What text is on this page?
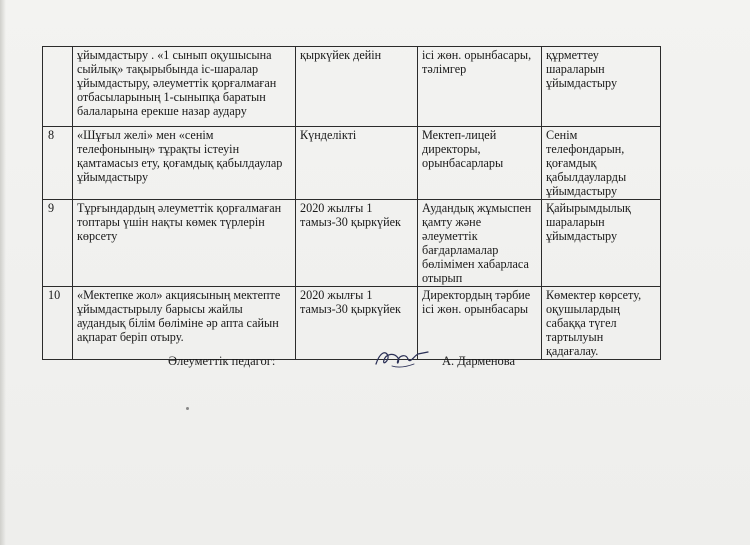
	ұйымдастыру . «1 сынып оқушысына сыйлық» тақырыбында іс-шаралар ұйымдастыру, әлеуметтік қорғалмаған отбасыларының 1-сыныпқа баратын балаларына ерекше назар аудару	қыркүйек дейін	ісі жөн. орынбасары, тәлімгер	құрметтеу шараларын ұйымдастыру
8	«Шұғыл желі» мен «сенім телефонының» тұрақты істеуін қамтамасыз ету, қоғамдық қабылдаулар ұйымдастыру	Күнделікті	Мектеп-лицей директоры, орынбасарлары	Сенім телефондарын, қоғамдық қабылдауларды ұйымдастыру
9	Тұрғындардың әлеуметтік қорғалмаған топтары үшін нақты көмек түрлерін көрсету	2020 жылғы 1 тамыз-30 қыркүйек	Аудандық жұмыспен қамту және әлеуметтік бағдарламалар бөлімімен хабарласа отырып	Қайырымдылық шараларын ұйымдастыру
10	«Мектепке жол» акциясының мектепте ұйымдастырылу барысы жайлы аудандық білім бөліміне әр апта сайын ақпарат беріп отыру.	2020 жылғы 1 тамыз-30 қыркүйек	Директордың тәрбие ісі жөн. орынбасары	Көмектер көрсету, оқушылардың сабаққа түгел тартылуын қадағалау.
Әлеуметтік педагог:	А. Дарменова
